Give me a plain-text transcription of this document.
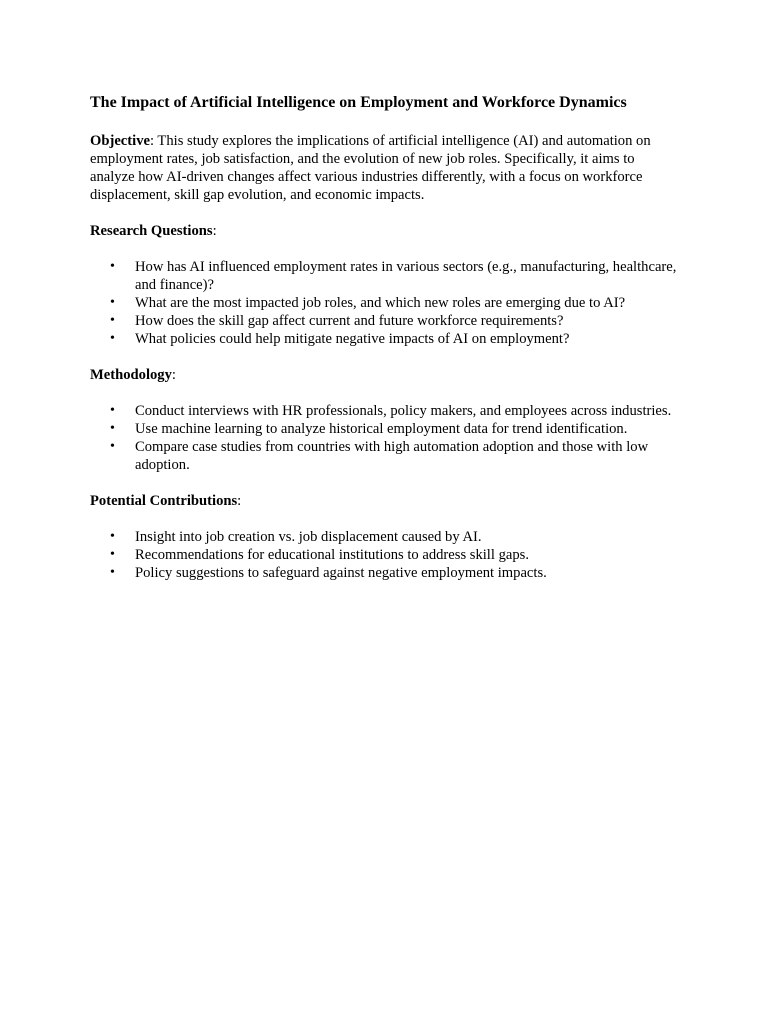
The Impact of Artificial Intelligence on Employment and Workforce Dynamics

Objective: This study explores the implications of artificial intelligence (AI) and automation on employment rates, job satisfaction, and the evolution of new job roles. Specifically, it aims to analyze how AI-driven changes affect various industries differently, with a focus on workforce displacement, skill gap evolution, and economic impacts.

Research Questions:

• How has AI influenced employment rates in various sectors (e.g., manufacturing, healthcare, and finance)?
• What are the most impacted job roles, and which new roles are emerging due to AI?
• How does the skill gap affect current and future workforce requirements?
• What policies could help mitigate negative impacts of AI on employment?

Methodology:

• Conduct interviews with HR professionals, policy makers, and employees across industries.
• Use machine learning to analyze historical employment data for trend identification.
• Compare case studies from countries with high automation adoption and those with low adoption.

Potential Contributions:

• Insight into job creation vs. job displacement caused by AI.
• Recommendations for educational institutions to address skill gaps.
• Policy suggestions to safeguard against negative employment impacts.
